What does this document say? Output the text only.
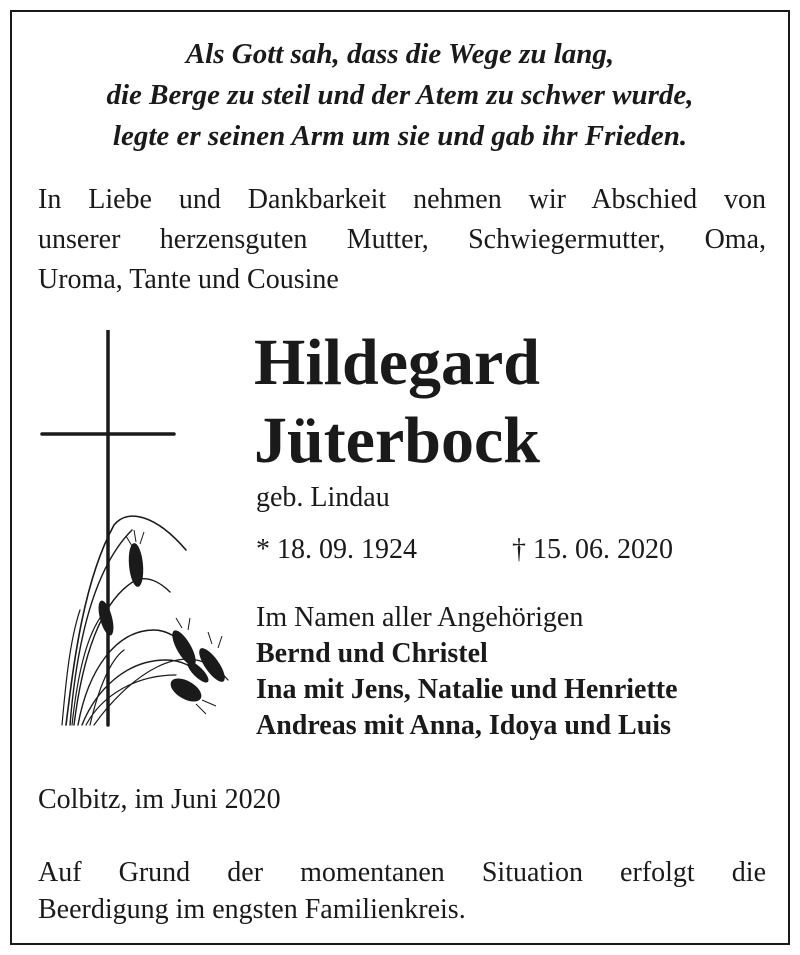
Als Gott sah, dass die Wege zu lang,
die Berge zu steil und der Atem zu schwer wurde,
legte er seinen Arm um sie und gab ihr Frieden.
In Liebe und Dankbarkeit nehmen wir Abschied von
unserer herzensguten Mutter, Schwiegermutter, Oma,
Uroma, Tante und Cousine
Hildegard
Jüterbock
geb. Lindau
* 18. 09. 1924	† 15. 06. 2020
Im Namen aller Angehörigen
Bernd und Christel
Ina mit Jens, Natalie und Henriette
Andreas mit Anna, Idoya und Luis
Colbitz, im Juni 2020
Auf Grund der momentanen Situation erfolgt die
Beerdigung im engsten Familienkreis.
